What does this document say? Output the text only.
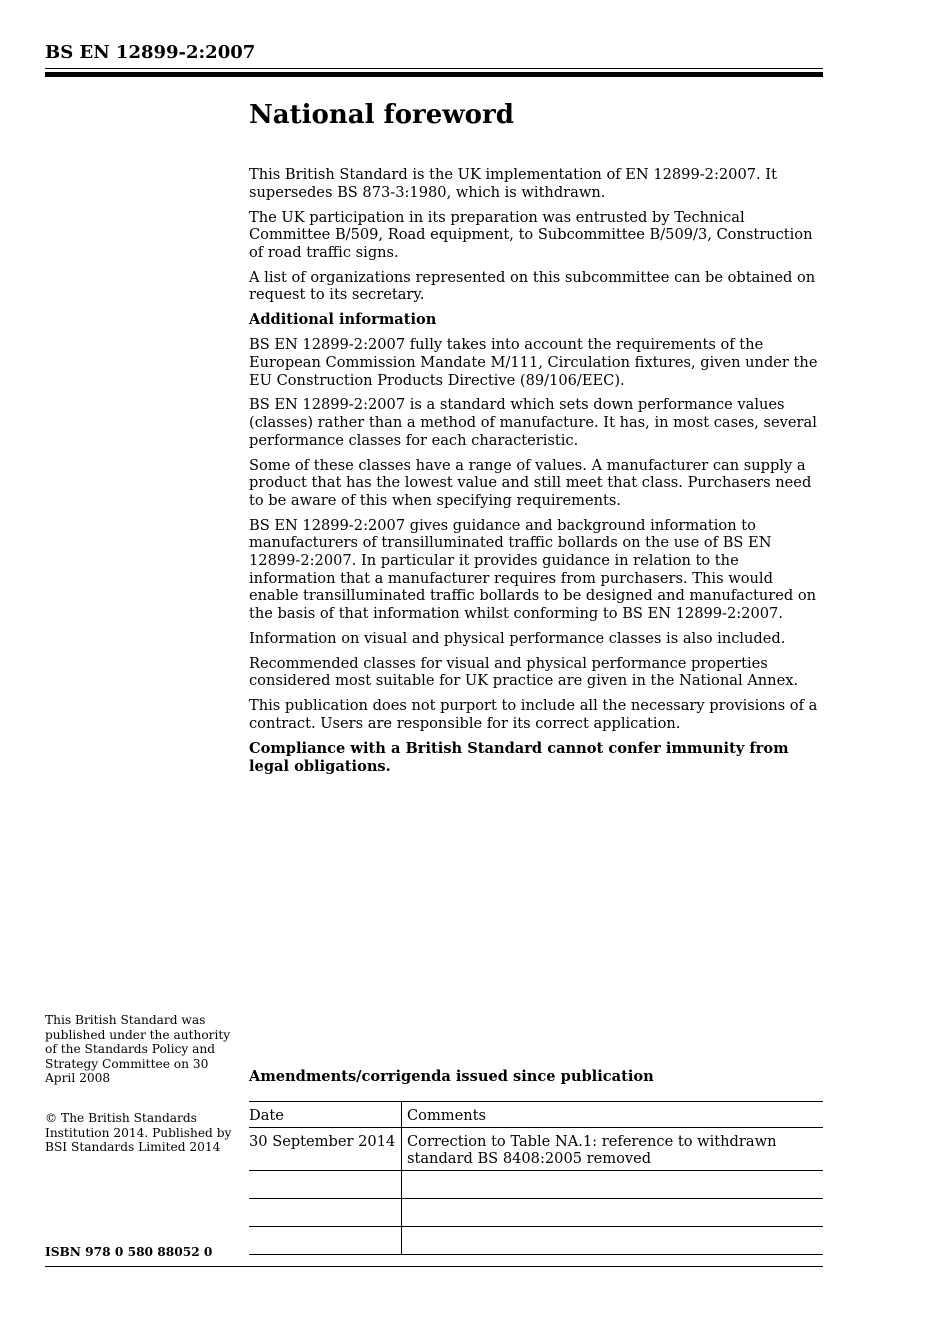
BS EN 12899-2:2007
National foreword

This British Standard is the UK implementation of EN 12899-2:2007. It supersedes BS 873-3:1980, which is withdrawn.

The UK participation in its preparation was entrusted by Technical Committee B/509, Road equipment, to Subcommittee B/509/3, Construction of road traffic signs.

A list of organizations represented on this subcommittee can be obtained on request to its secretary.

Additional information

BS EN 12899-2:2007 fully takes into account the requirements of the European Commission Mandate M/111, Circulation fixtures, given under the EU Construction Products Directive (89/106/EEC).

BS EN 12899-2:2007 is a standard which sets down performance values (classes) rather than a method of manufacture. It has, in most cases, several performance classes for each characteristic.

Some of these classes have a range of values. A manufacturer can supply a product that has the lowest value and still meet that class. Purchasers need to be aware of this when specifying requirements.

BS EN 12899-2:2007 gives guidance and background information to manufacturers of transilluminated traffic bollards on the use of BS EN 12899-2:2007. In particular it provides guidance in relation to the information that a manufacturer requires from purchasers. This would enable transilluminated traffic bollards to be designed and manufactured on the basis of that information whilst conforming to BS EN 12899-2:2007.

Information on visual and physical performance classes is also included.

Recommended classes for visual and physical performance properties considered most suitable for UK practice are given in the National Annex.

This publication does not purport to include all the necessary provisions of a contract. Users are responsible for its correct application.

Compliance with a British Standard cannot confer immunity from legal obligations.

This British Standard was published under the authority of the Standards Policy and Strategy Committee on 30 April 2008
© The British Standards Institution 2014. Published by BSI Standards Limited 2014
ISBN 978 0 580 88052 0
Amendments/corrigenda issued since publication
Date	Comments
30 September 2014	Correction to Table NA.1: reference to withdrawn standard BS 8408:2005 removed
